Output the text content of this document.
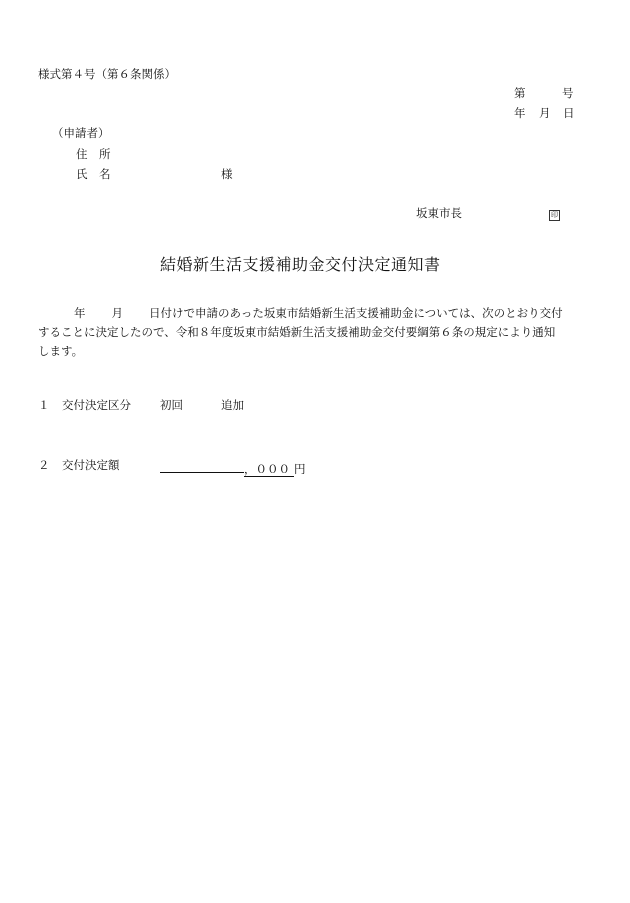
様式第４号（第６条関係）
第	号
年 月 日
（申請者）
住　所
氏　名	様
坂東市長	印
結婚新生活支援補助金交付決定通知書
年 月 日付けで申請のあった坂東市結婚新生活支援補助金については、次のとおり交付
することに決定したので、令和８年度坂東市結婚新生活支援補助金交付要綱第６条の規定により通知
します。
１ 交付決定区分	初回	追加
２ 交付決定額	，０００ 円
